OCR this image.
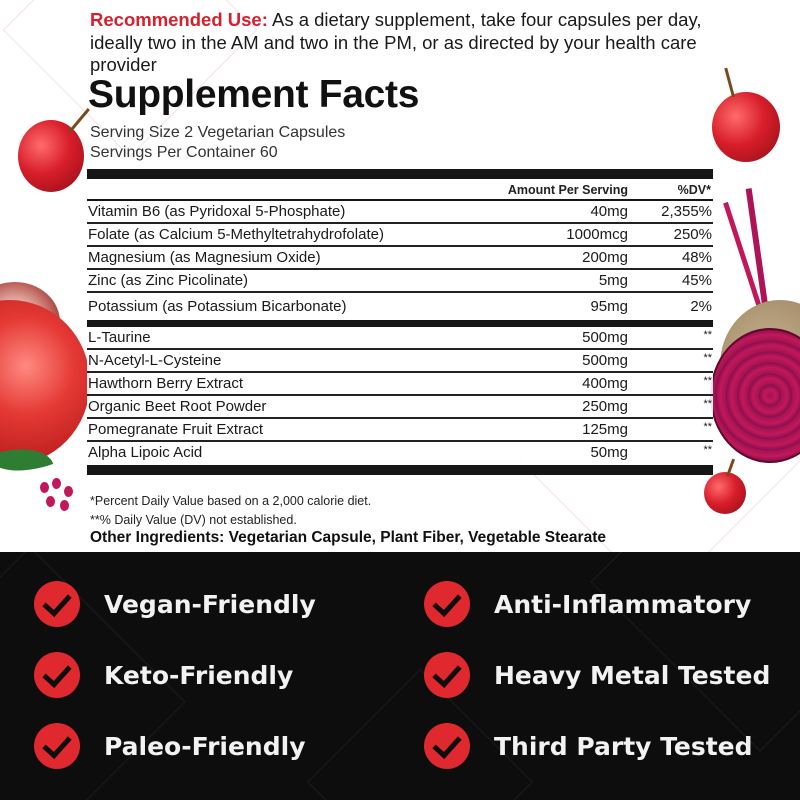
Recommended Use: As a dietary supplement, take four capsules per day, ideally two in the AM and two in the PM, or as directed by your health care provider
Supplement Facts
Serving Size 2 Vegetarian Capsules
Servings Per Container 60
Amount Per Serving	%DV*
Vitamin B6 (as Pyridoxal 5-Phosphate)	40mg 2,355%
Folate (as Calcium 5-Methyltetrahydrofolate)	1000mcg	250%
Magnesium (as Magnesium Oxide)	200mg	48%
Zinc (as Zinc Picolinate)	5mg	45%
Potassium (as Potassium Bicarbonate)	95mg	2%
L-Taurine	500mg	**
N-Acetyl-L-Cysteine	500mg	**
Hawthorn Berry Extract	400mg	**
Organic Beet Root Powder	250mg	**
Pomegranate Fruit Extract	125mg	**
Alpha Lipoic Acid	50mg	**
*Percent Daily Value based on a 2,000 calorie diet.
**% Daily Value (DV) not established.
Other Ingredients: Vegetarian Capsule, Plant Fiber, Vegetable Stearate
Vegan-Friendly
Keto-Friendly
Paleo-Friendly
Anti-Inflammatory
Heavy Metal Tested
Third Party Tested
